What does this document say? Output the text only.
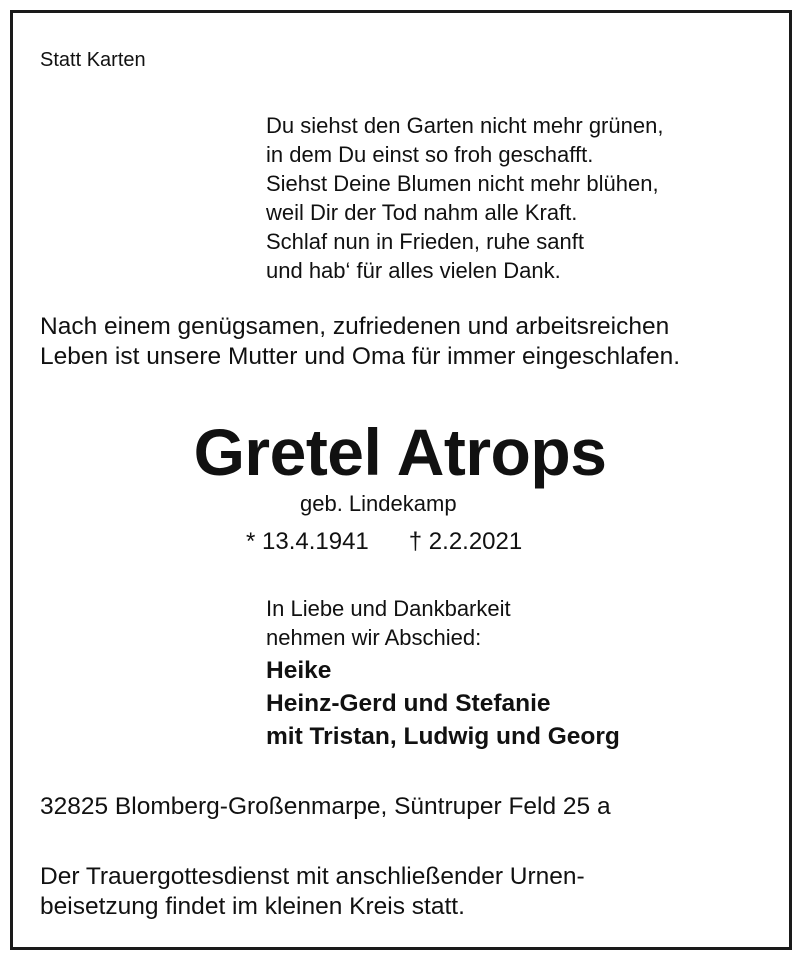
Statt Karten
Du siehst den Garten nicht mehr grünen,
in dem Du einst so froh geschafft.
Siehst Deine Blumen nicht mehr blühen,
weil Dir der Tod nahm alle Kraft.
Schlaf nun in Frieden, ruhe sanft
und hab‘ für alles vielen Dank.
Nach einem genügsamen, zufriedenen und arbeitsreichen
Leben ist unsere Mutter und Oma für immer eingeschlafen.
Gretel Atrops
geb. Lindekamp
* 13.4.1941 † 2.2.2021
In Liebe und Dankbarkeit
nehmen wir Abschied:
Heike
Heinz-Gerd und Stefanie
mit Tristan, Ludwig und Georg
32825 Blomberg-Großenmarpe, Süntruper Feld 25 a
Der Trauergottesdienst mit anschließender Urnen-
beisetzung findet im kleinen Kreis statt.
